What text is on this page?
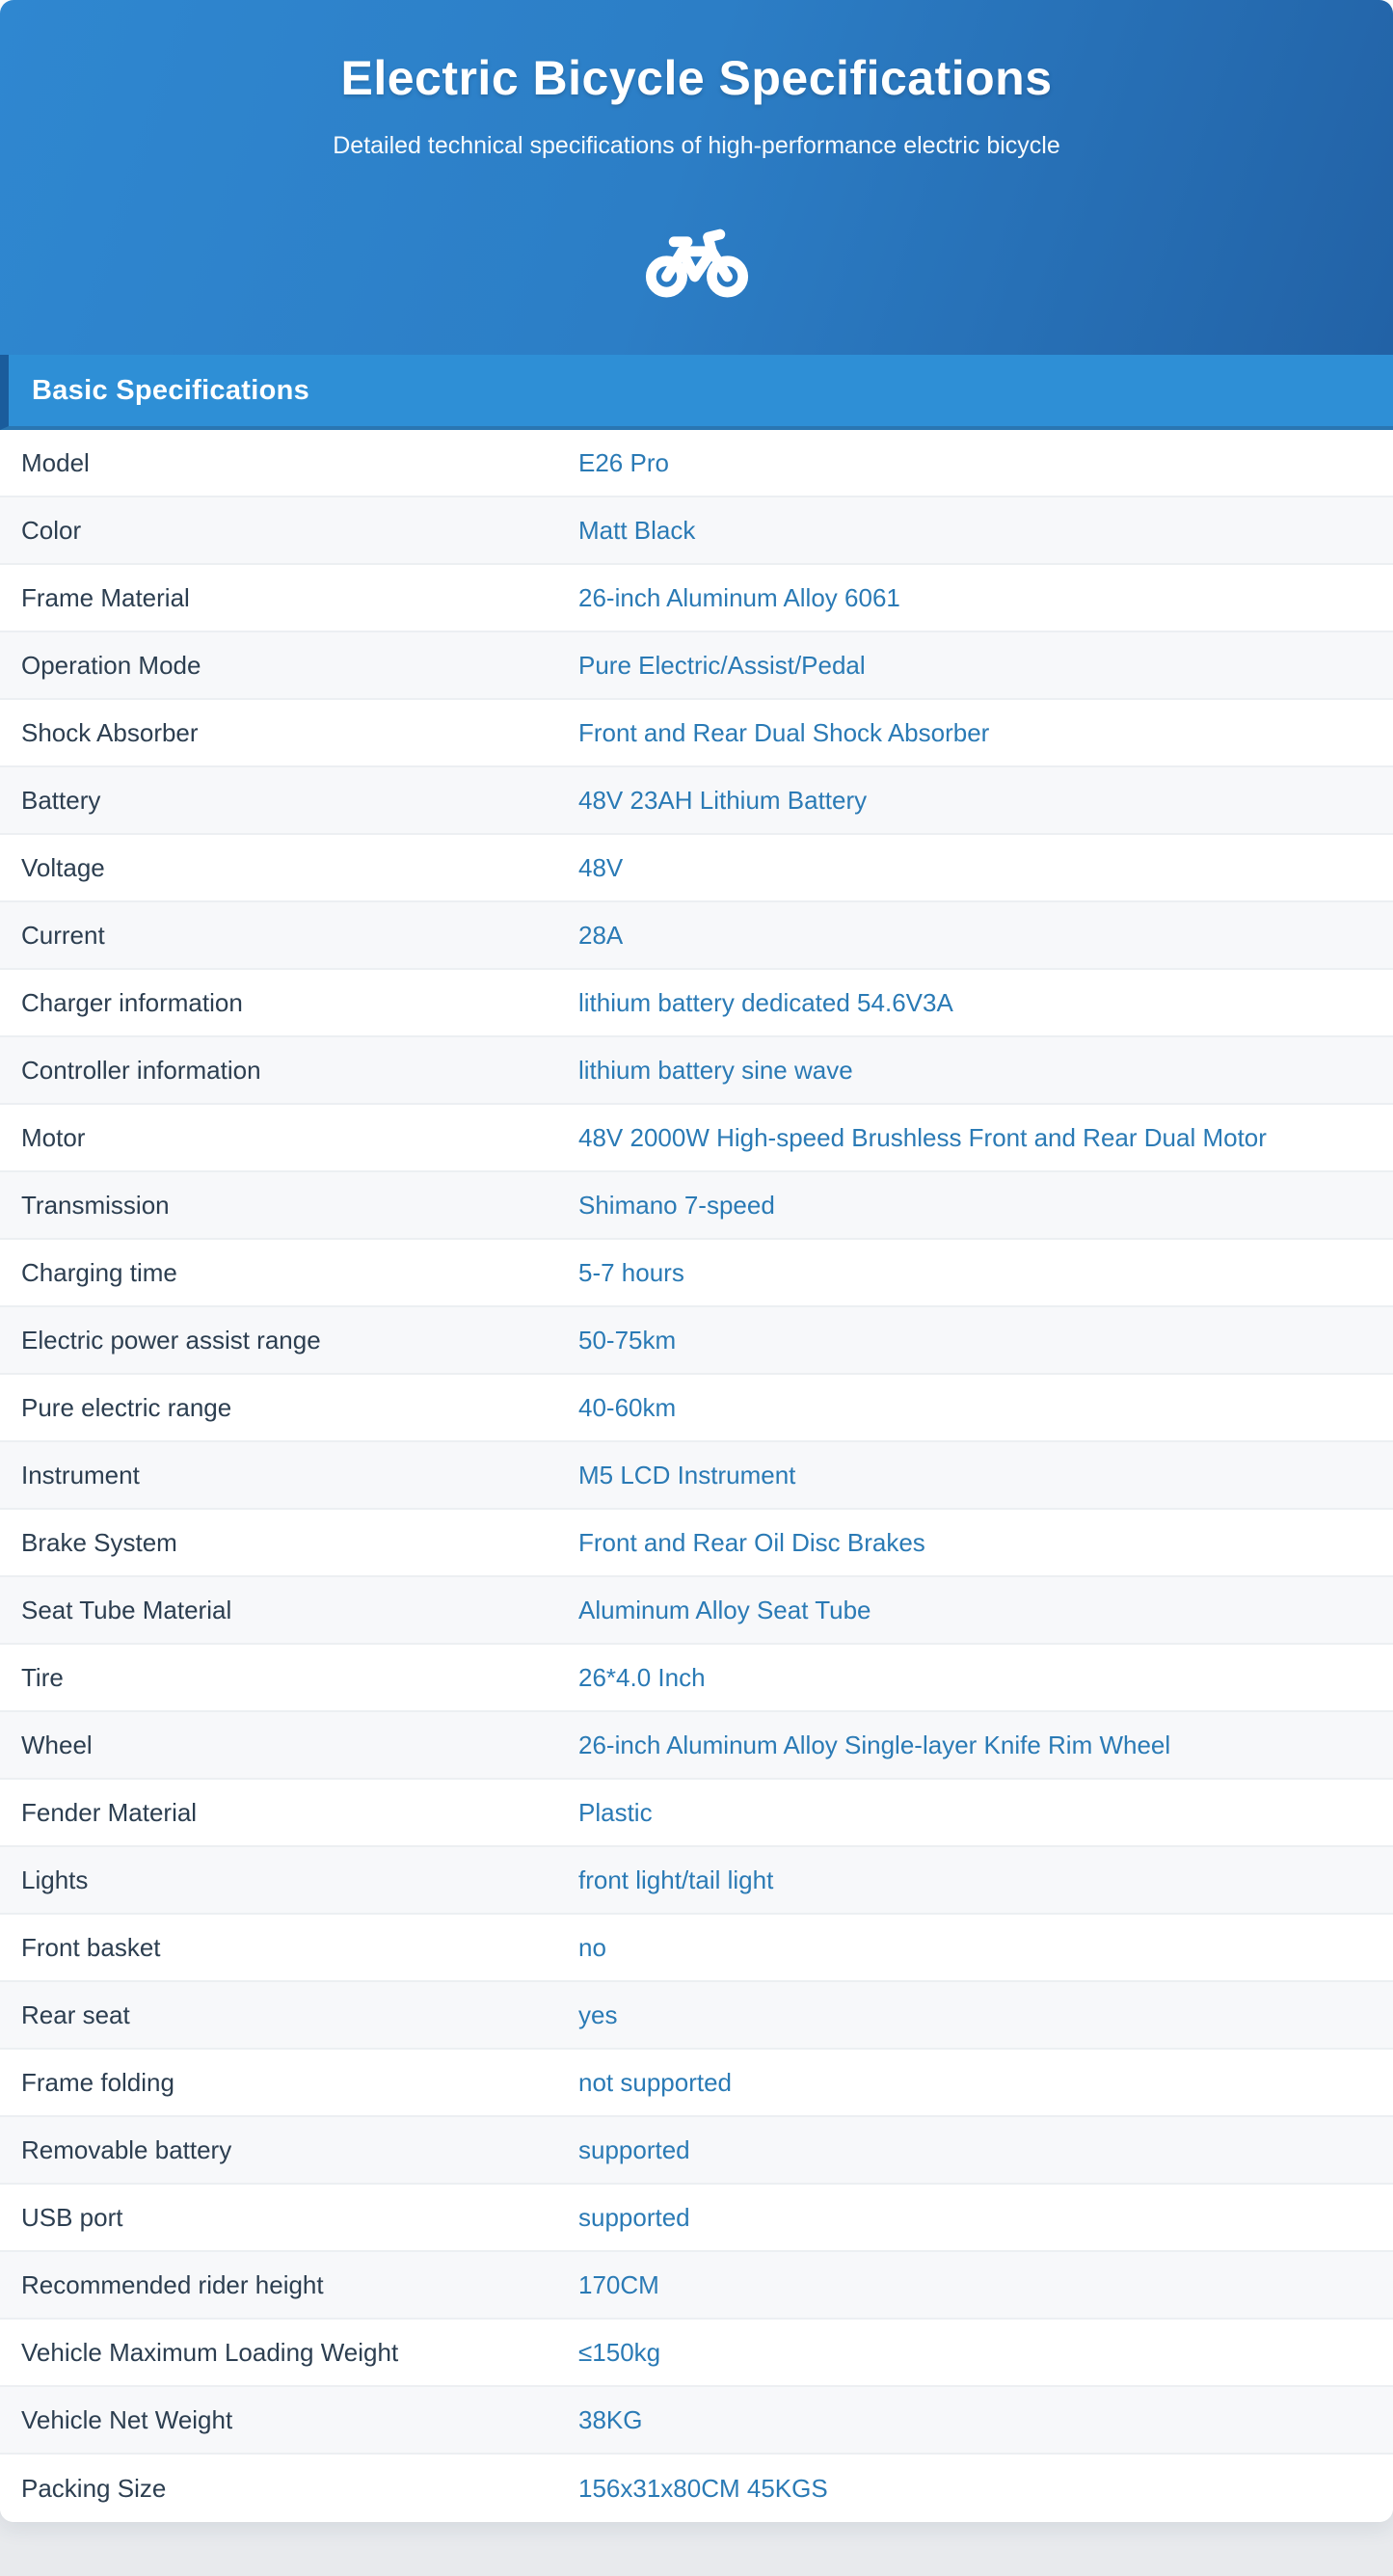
Electric Bicycle Specifications
Detailed technical specifications of high-performance electric bicycle
Basic Specifications
Model	E26 Pro
Color	Matt Black
Frame Material	26-inch Aluminum Alloy 6061
Operation Mode	Pure Electric/Assist/Pedal
Shock Absorber	Front and Rear Dual Shock Absorber
Battery	48V 23AH Lithium Battery
Voltage	48V
Current	28A
Charger information	lithium battery dedicated 54.6V3A
Controller information	lithium battery sine wave
Motor	48V 2000W High-speed Brushless Front and Rear Dual Motor
Transmission	Shimano 7-speed
Charging time	5-7 hours
Electric power assist range	50-75km
Pure electric range	40-60km
Instrument	M5 LCD Instrument
Brake System	Front and Rear Oil Disc Brakes
Seat Tube Material	Aluminum Alloy Seat Tube
Tire	26*4.0 Inch
Wheel	26-inch Aluminum Alloy Single-layer Knife Rim Wheel
Fender Material	Plastic
Lights	front light/tail light
Front basket	no
Rear seat	yes
Frame folding	not supported
Removable battery	supported
USB port	supported
Recommended rider height	170CM
Vehicle Maximum Loading Weight	≤150kg
Vehicle Net Weight	38KG
Packing Size	156x31x80CM 45KGS
